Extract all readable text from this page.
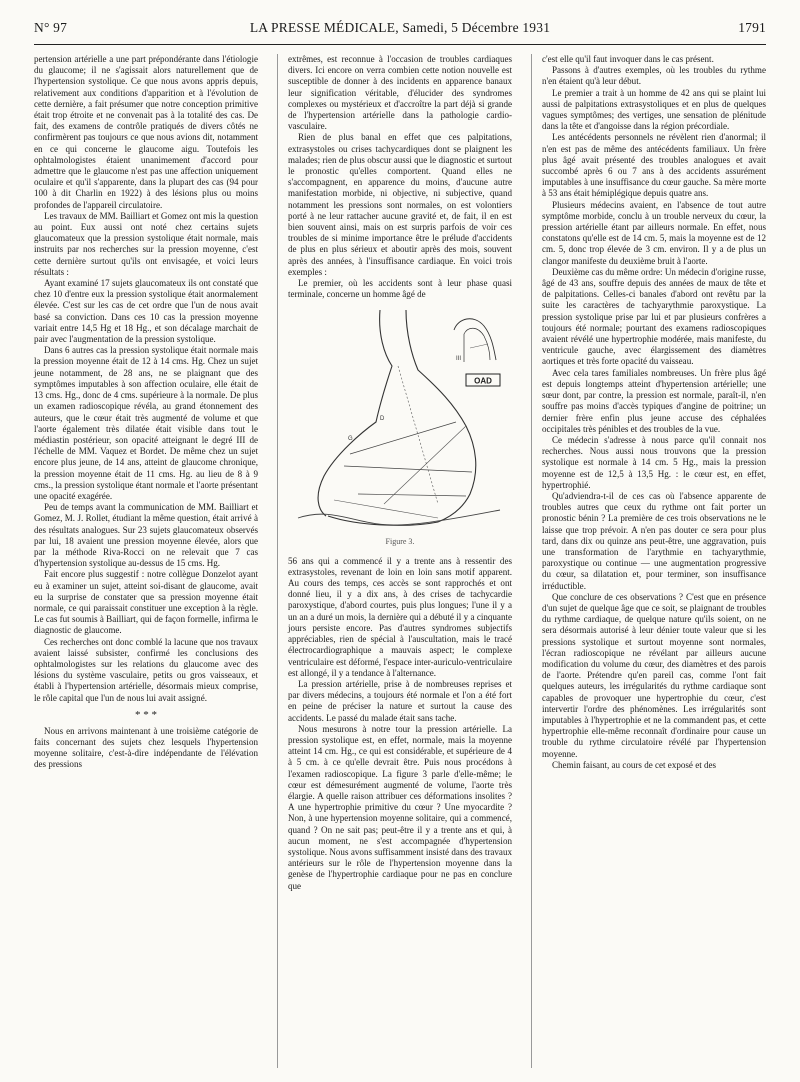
N° 97	LA PRESSE MÉDICALE, Samedi, 5 Décembre 1931	1791

pertension artérielle a une part prépondérante dans l'étiologie du glaucome; il ne s'agissait alors naturellement que de l'hypertension systolique. Ce que nous avons appris depuis, relativement aux conditions d'apparition et à l'évolution de cette dernière, a fait présumer que notre conception primitive était trop étroite et ne convenait pas à la totalité des cas. De fait, des examens de contrôle pratiqués de divers côtés ne confirmèrent pas toujours ce que nous avions dit, notamment en ce qui concerne le glaucome aigu. Toutefois les ophtalmologistes étaient unanimement d'accord pour admettre que le glaucome n'est pas une affection uniquement oculaire et qu'il s'apparente, dans la plupart des cas (94 pour 100 à dit Charlin en 1922) à des lésions plus ou moins profondes de l'appareil circulatoire.

Les travaux de MM. Bailliart et Gomez ont mis la question au point. Eux aussi ont noté chez certains sujets glaucomateux que la pression systolique était normale, mais instruits par nos recherches sur la pression moyenne, c'est cette dernière surtout qu'ils ont envisagée, et voici leurs résultats :

Ayant examiné 17 sujets glaucomateux ils ont constaté que chez 10 d'entre eux la pression systolique était anormalement élevée. C'est sur les cas de cet ordre que l'un de nous avait basé sa conviction. Dans ces 10 cas la pression moyenne variait entre 14,5 Hg et 18 Hg., et son décalage marchait de pair avec l'augmentation de la pression systolique.

Dans 6 autres cas la pression systolique était normale mais la pression moyenne était de 12 à 14 cms. Hg. Chez un sujet jeune notamment, de 28 ans, ne se plaignant que des symptômes imputables à son affection oculaire, elle était de 13 cms. Hg., donc de 4 cms. supérieure à la normale. De plus un examen radioscopique révéla, au grand étonnement des auteurs, que le cœur était très augmenté de volume et que l'aorte également très dilatée était visible dans tout le médiastin postérieur, son opacité atteignant le degré III de l'échelle de MM. Vaquez et Bordet. De même chez un sujet encore plus jeune, de 14 ans, atteint de glaucome chronique, la pression moyenne était de 11 cms. Hg. au lieu de 8 à 9 cms., la pression systolique étant normale et l'aorte présentant une opacité exagérée.

Peu de temps avant la communication de MM. Bailliart et Gomez, M. J. Rollet, étudiant la même question, était arrivé à des résultats analogues. Sur 23 sujets glaucomateux observés par lui, 18 avaient une pression moyenne élevée, alors que par la méthode Riva-Rocci on ne relevait que 7 cas d'hypertension systolique au-dessus de 15 cms. Hg.

Fait encore plus suggestif : notre collègue Donzelot ayant eu à examiner un sujet, atteint soi-disant de glaucome, avait eu la surprise de constater que sa pression moyenne était normale, ce qui paraissait constituer une exception à la règle. Le cas fut soumis à Bailliart, qui de façon formelle, infirma le diagnostic de glaucome.

Ces recherches ont donc comblé la lacune que nos travaux avaient laissé subsister, confirmé les conclusions des ophtalmologistes sur les relations du glaucome avec des lésions du système vasculaire, petits ou gros vaisseaux, et établi à l'hypertension artérielle, désormais mieux comprise, le rôle capital que l'un de nous lui avait assigné.

* * *

Nous en arrivons maintenant à une troisième catégorie de faits concernant des sujets chez lesquels l'hypertension moyenne solitaire, c'est-à-dire indépendante de l'élévation des pressions

extrêmes, est reconnue à l'occasion de troubles cardiaques divers. Ici encore on verra combien cette notion nouvelle est susceptible de donner à des incidents en apparence banaux leur signification véritable, d'élucider des syndromes complexes ou mystérieux et d'accroître la part déjà si grande de l'hypertension artérielle dans la pathologie cardio-vasculaire.

Rien de plus banal en effet que ces palpitations, extrasystoles ou crises tachycardiques dont se plaignent les malades; rien de plus obscur aussi que le diagnostic et surtout le pronostic qu'elles comportent. Quand elles ne s'accompagnent, en apparence du moins, d'aucune autre manifestation morbide, ni objective, ni subjective, quand notamment les pressions sont normales, on est volontiers porté à ne leur rattacher aucune gravité et, de fait, il en est bien souvent ainsi, mais on est surpris parfois de voir ces troubles de si minime importance être le prélude d'accidents de plus en plus sérieux et aboutir après des mois, souvent après des années, à l'insuffisance cardiaque. En voici trois exemples :

Le premier, où les accidents sont à leur phase quasi terminale, concerne un homme âgé de

OAD
G
D
III
Figure 3.

56 ans qui a commencé il y a trente ans à ressentir des extrasystoles, revenant de loin en loin sans motif apparent. Au cours des temps, ces accès se sont rapprochés et ont donné lieu, il y a dix ans, à des crises de tachycardie paroxystique, d'abord courtes, puis plus longues; l'une il y a un an a duré un mois, la dernière qui a débuté il y a cinquante jours persiste encore. Pas d'autres syndromes subjectifs appréciables, rien de spécial à l'auscultation, mais le tracé électrocardiographique a mauvais aspect; le complexe ventriculaire est déformé, l'espace inter-auriculo-ventriculaire est allongé, il y a tendance à l'alternance.

La pression artérielle, prise à de nombreuses reprises et par divers médecins, a toujours été normale et l'on a été fort en peine de préciser la nature et surtout la cause des accidents. Le passé du malade était sans tache.

Nous mesurons à notre tour la pression artérielle. La pression systolique est, en effet, normale, mais la moyenne atteint 14 cm. Hg., ce qui est considérable, et supérieure de 4 à 5 cm. à ce qu'elle devrait être. Puis nous procédons à l'examen radioscopique. La figure 3 parle d'elle-même; le cœur est démesurément augmenté de volume, l'aorte très élargie. A quelle raison attribuer ces déformations insolites ? A une hypertrophie primitive du cœur ? Une myocardite ? Non, à une hypertension moyenne solitaire, qui a commencé, quand ? On ne sait pas; peut-être il y a trente ans et qui, à aucun moment, ne s'est accompagnée d'hypertension systolique. Nous avons suffisamment insisté dans des travaux antérieurs sur le rôle de l'hypertension moyenne dans la genèse de l'hypertrophie cardiaque pour ne pas en conclure que

c'est elle qu'il faut invoquer dans le cas présent.

Passons à d'autres exemples, où les troubles du rythme n'en étaient qu'à leur début.

Le premier a trait à un homme de 42 ans qui se plaint lui aussi de palpitations extrasystoliques et en plus de quelques vagues symptômes; des vertiges, une sensation de plénitude dans la tête et d'angoisse dans la région précordiale.

Les antécédents personnels ne révèlent rien d'anormal; il n'en est pas de même des antécédents familiaux. Un frère plus âgé avait présenté des troubles analogues et avait succombé après 6 ou 7 ans à des accidents assurément imputables à une insuffisance du cœur gauche. Sa mère morte à 53 ans était hémiplégique depuis quatre ans.

Plusieurs médecins avaient, en l'absence de tout autre symptôme morbide, conclu à un trouble nerveux du cœur, la pression artérielle étant par ailleurs normale. En effet, nous constatons qu'elle est de 14 cm. 5, mais la moyenne est de 12 cm. 5, donc trop élevée de 3 cm. environ. Il y a de plus un clangor manifeste du deuxième bruit à l'aorte.

Deuxième cas du même ordre: Un médecin d'origine russe, âgé de 43 ans, souffre depuis des années de maux de tête et de palpitations. Celles-ci banales d'abord ont revêtu par la suite les caractères de tachyarythmie paroxystique. La pression systolique prise par lui et par plusieurs confrères a toujours été normale; pourtant des examens radioscopiques avaient révélé une hypertrophie modérée, mais manifeste, du ventricule gauche, avec élargissement des diamètres aortiques et très forte opacité du vaisseau.

Avec cela tares familiales nombreuses. Un frère plus âgé est depuis longtemps atteint d'hypertension artérielle; une sœur dont, par contre, la pression est normale, paraît-il, n'en souffre pas moins d'accès typiques d'angine de poitrine; un dernier frère enfin plus jeune accuse des céphalées occipitales très pénibles et des troubles de la vue.

Ce médecin s'adresse à nous parce qu'il connait nos recherches. Nous aussi nous trouvons que la pression systolique est normale à 14 cm. 5 Hg., mais la pression moyenne est de 12,5 à 13,5 Hg. : le cœur est, en effet, hypertrophié.

Qu'adviendra-t-il de ces cas où l'absence apparente de troubles autres que ceux du rythme ont fait porter un pronostic bénin ? La première de ces trois observations ne le laisse que trop prévoir. A n'en pas douter ce sera pour plus tard, dans dix ou quinze ans peut-être, une aggravation, puis une transformation de l'arythmie en tachyarythmie, paroxystique ou continue — une augmentation progressive du cœur, sa dilatation et, pour terminer, son insuffisance irréductible.

Que conclure de ces observations ? C'est que en présence d'un sujet de quelque âge que ce soit, se plaignant de troubles du rythme cardiaque, de quelque nature qu'ils soient, on ne sera désormais autorisé à leur dénier toute valeur que si les pressions systolique et surtout moyenne sont normales, l'écran radioscopique ne révélant par ailleurs aucune modification du volume du cœur, des diamètres et des parois de l'aorte. Prétendre qu'en pareil cas, comme l'ont fait quelques auteurs, les irrégularités du rythme cardiaque sont capables de provoquer une hypertrophie du cœur, c'est intervertir l'ordre des phénomènes. Les irrégularités sont imputables à l'hypertrophie et ne la commandent pas, et cette hypertrophie elle-même reconnaît d'ordinaire pour cause un trouble du rythme circulatoire révélé par l'hypertension moyenne.

Chemin faisant, au cours de cet exposé et des
